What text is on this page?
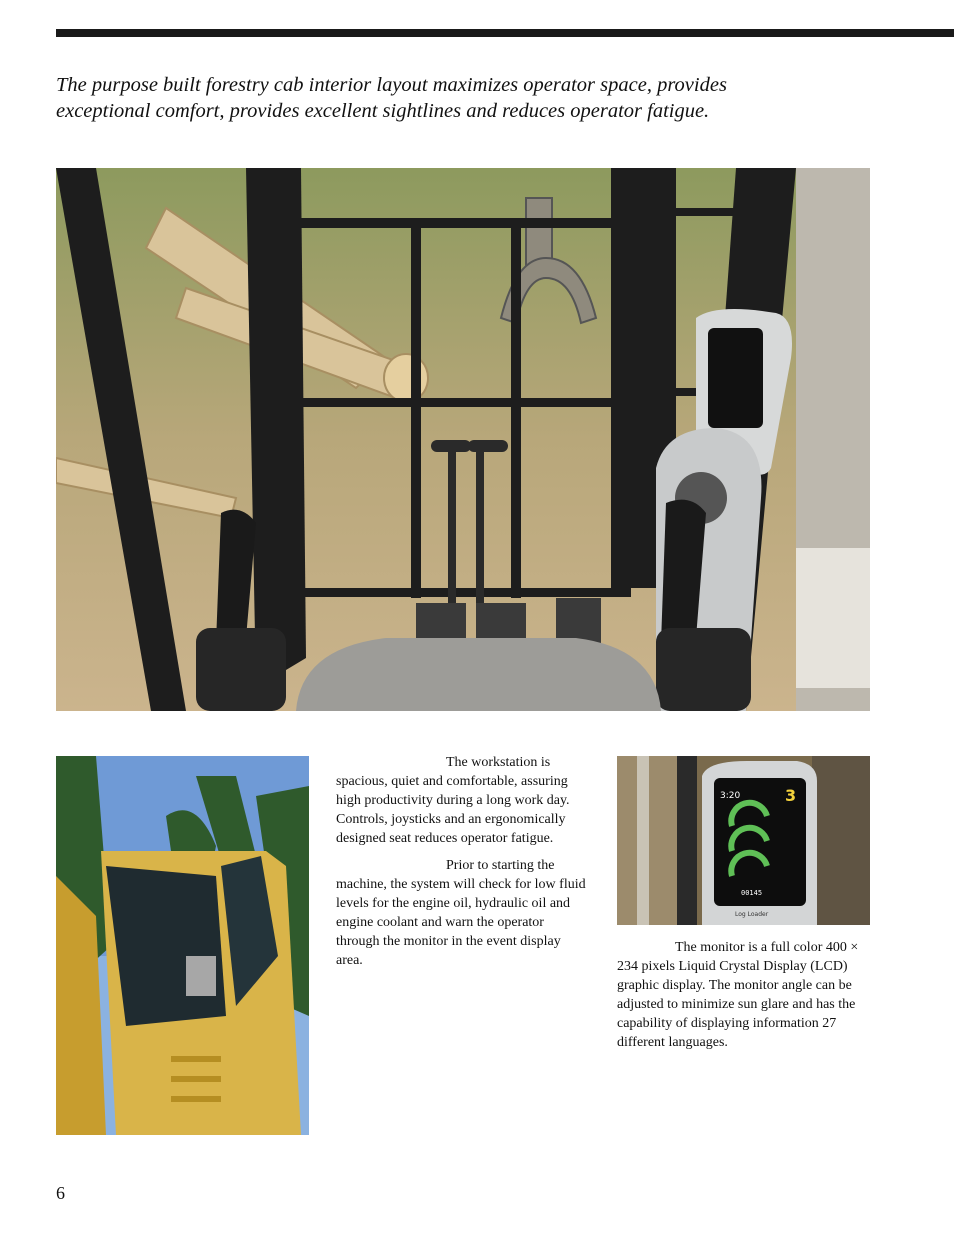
The purpose built forestry cab interior layout maximizes operator space, provides
exceptional comfort, provides excellent sightlines and reduces operator fatigue.

The workstation is spacious, quiet and comfortable, assuring high productivity during a long work day. Controls, joysticks and an ergonomically designed seat reduces operator fatigue.

Prior to starting the machine, the system will check for low fluid levels for the engine oil, hydraulic oil and engine coolant and warn the operator through the monitor in the event display area.

3:20	3
00145
Log Loader

The monitor is a full color 400 × 234 pixels Liquid Crystal Display (LCD) graphic display. The monitor angle can be adjusted to minimize sun glare and has the capability of displaying information 27 different languages.

6
